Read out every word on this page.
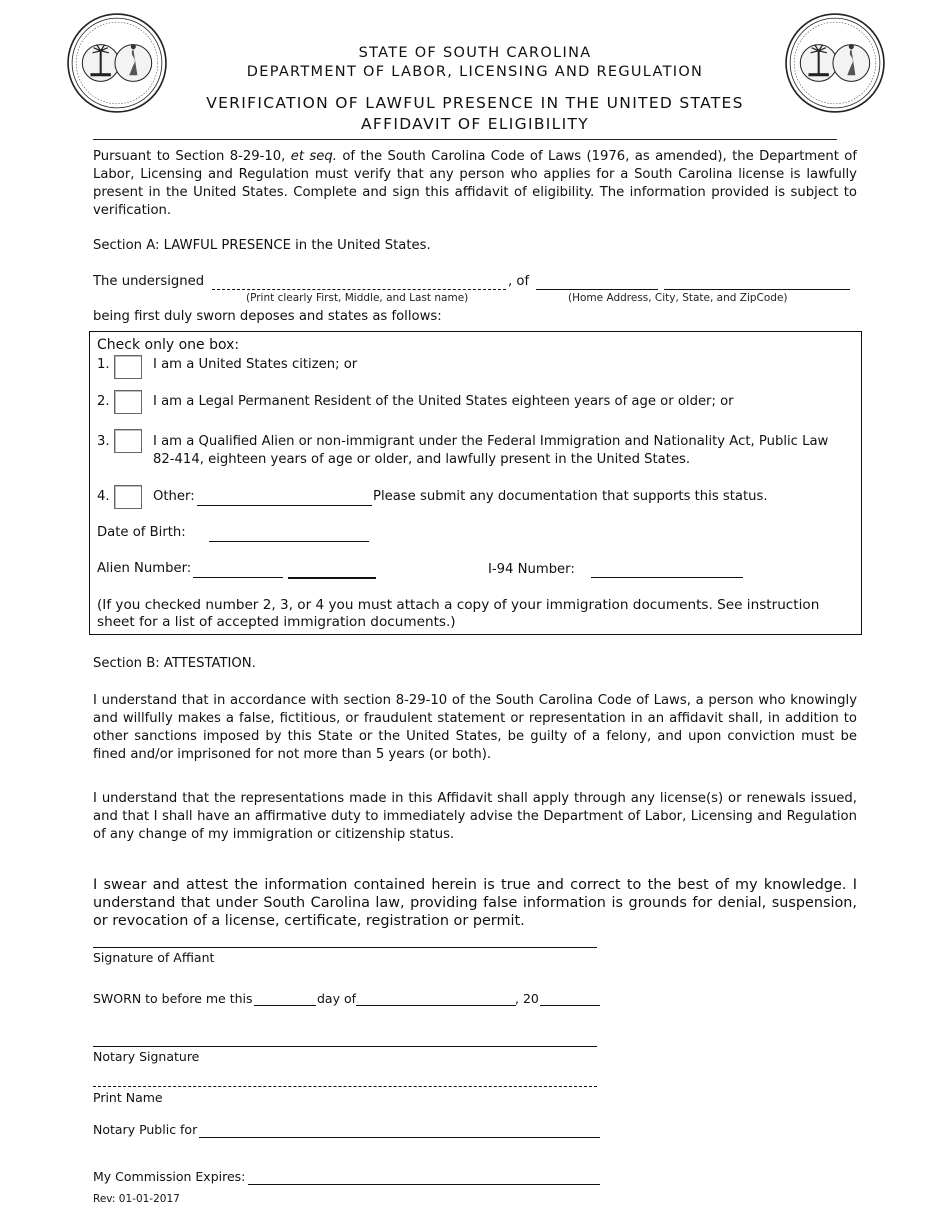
STATE OF SOUTH CAROLINA
DEPARTMENT OF LABOR, LICENSING AND REGULATION
VERIFICATION OF LAWFUL PRESENCE IN THE UNITED STATES
AFFIDAVIT OF ELIGIBILITY

Pursuant to Section 8-29-10, et seq. of the South Carolina Code of Laws (1976, as amended), the Department of Labor, Licensing and Regulation must verify that any person who applies for a South Carolina license is lawfully present in the United States. Complete and sign this affidavit of eligibility. The information provided is subject to verification.

Section A: LAWFUL PRESENCE in the United States.
The undersigned	, of
(Print clearly First, Middle, and Last name)	(Home Address, City, State, and ZipCode)
being first duly sworn deposes and states as follows:
Check only one box:
1.	I am a United States citizen; or
2.	I am a Legal Permanent Resident of the United States eighteen years of age or older; or
3.	I am a Qualified Alien or non-immigrant under the Federal Immigration and Nationality Act, Public Law
82-414, eighteen years of age or older, and lawfully present in the United States.
4.	Other:	Please submit any documentation that supports this status.
Date of Birth:
Alien Number:	I-94 Number:

(If you checked number 2, 3, or 4 you must attach a copy of your immigration documents. See instruction sheet for a list of accepted immigration documents.)

Section B: ATTESTATION.

I understand that in accordance with section 8-29-10 of the South Carolina Code of Laws, a person who knowingly and willfully makes a false, fictitious, or fraudulent statement or representation in an affidavit shall, in addition to other sanctions imposed by this State or the United States, be guilty of a felony, and upon conviction must be fined and/or imprisoned for not more than 5 years (or both).

I understand that the representations made in this Affidavit shall apply through any license(s) or renewals issued, and that I shall have an affirmative duty to immediately advise the Department of Labor, Licensing and Regulation of any change of my immigration or citizenship status.

I swear and attest the information contained herein is true and correct to the best of my knowledge. I understand that under South Carolina law, providing false information is grounds for denial, suspension, or revocation of a license, certificate, registration or permit.

Signature of Affiant
SWORN to before me this	day of	, 20
Notary Signature
Print Name
Notary Public for
My Commission Expires:
Rev: 01-01-2017
